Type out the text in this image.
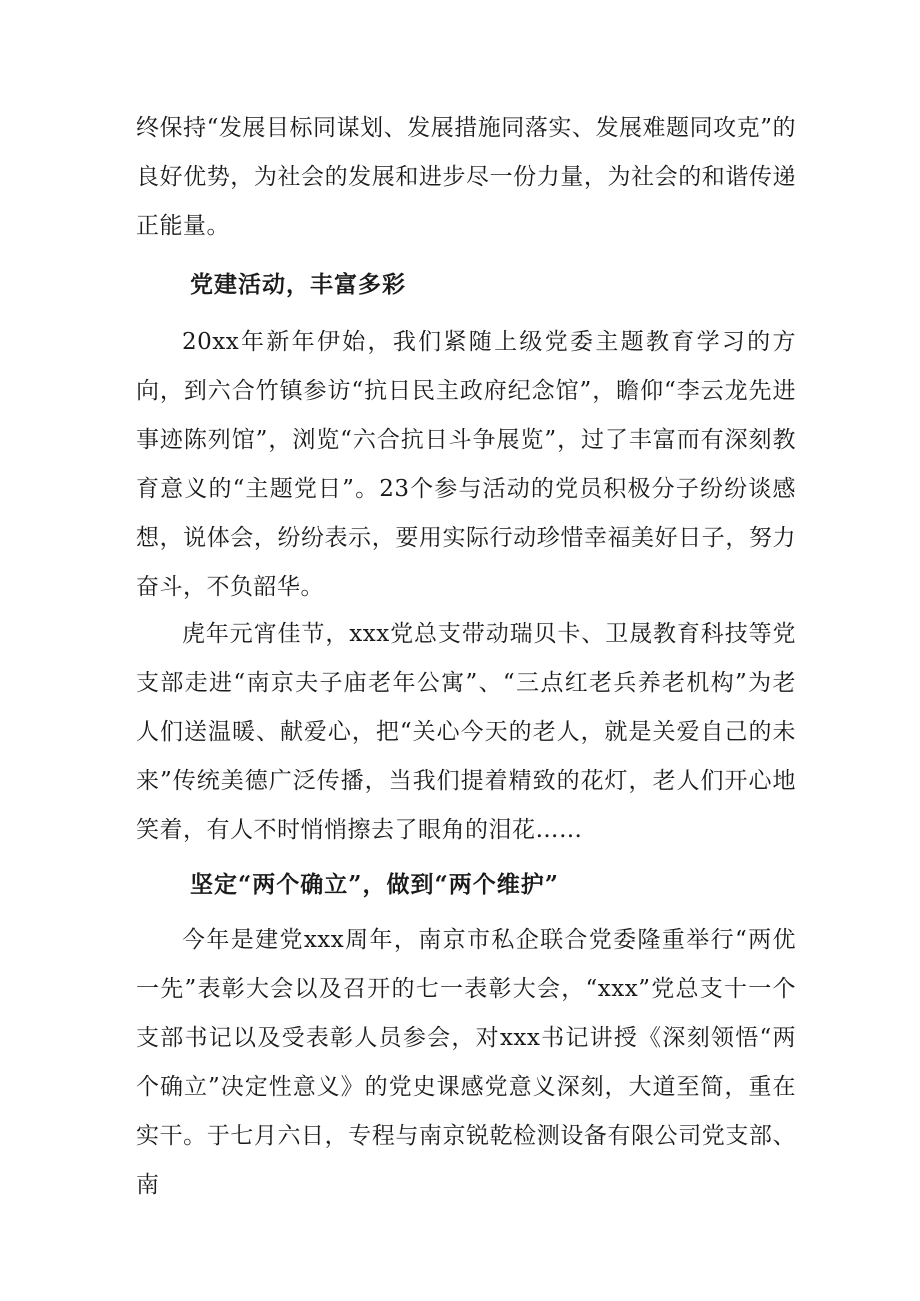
终保持“发展目标同谋划、发展措施同落实、发展难题同攻克”的良好优势，为社会的发展和进步尽一份力量，为社会的和谐传递正能量。

党建活动，丰富多彩

20xx年新年伊始，我们紧随上级党委主题教育学习的方向，到六合竹镇参访“抗日民主政府纪念馆”，瞻仰“李云龙先进事迹陈列馆”，浏览“六合抗日斗争展览”，过了丰富而有深刻教育意义的“主题党日”。23个参与活动的党员积极分子纷纷谈感想，说体会，纷纷表示，要用实际行动珍惜幸福美好日子，努力奋斗，不负韶华。

虎年元宵佳节，xxx党总支带动瑞贝卡、卫晟教育科技等党支部走进“南京夫子庙老年公寓”、“三点红老兵养老机构”为老人们送温暖、献爱心，把“关心今天的老人，就是关爱自己的未来”传统美德广泛传播，当我们提着精致的花灯，老人们开心地笑着，有人不时悄悄擦去了眼角的泪花……

坚定“两个确立”，做到“两个维护”

今年是建党xxx周年，南京市私企联合党委隆重举行“两优一先”表彰大会以及召开的七一表彰大会，“xxx”党总支十一个支部书记以及受表彰人员参会，对xxx书记讲授《深刻领悟“两个确立”决定性意义》的党史课感党意义深刻，大道至简，重在实干。于七月六日，专程与南京锐乾检测设备有限公司党支部、南
